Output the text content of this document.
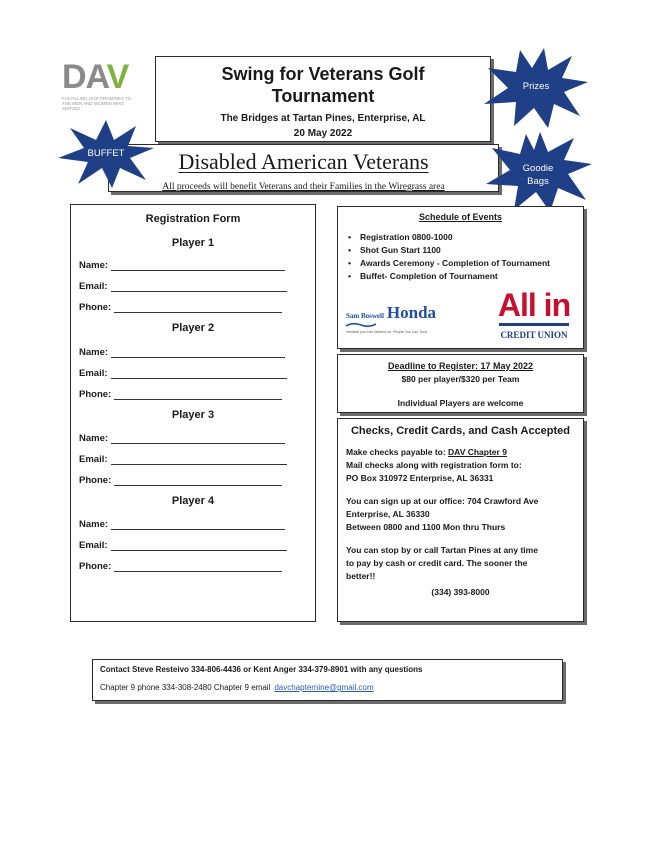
DAV
FULFILLING OUR PROMISES TO THE MEN AND WOMEN WHO SERVED
Swing for Veterans Golf
Tournament
The Bridges at Tartan Pines, Enterprise, AL
20 May 2022
Disabled American Veterans
All proceeds will benefit Veterans and their Families in the Wiregrass area
BUFFET
Prizes
Goodie
Bags
Registration Form
Player 1
Name:
Email:
Phone:
Player 2
Name:
Email:
Phone:
Player 3
Name:
Email:
Phone:
Player 4
Name:
Email:
Phone:
Schedule of Events
•	Registration 0800-1000
•	Shot Gun Start 1100
•	Awards Ceremony - Completion of Tournament
•	Buffet- Completion of Tournament
Sam Boswell Honda
Vehicles you Can Depend on. People You Can Trust
All in
CREDIT UNION
Deadline to Register: 17 May 2022
$80 per player/$320 per Team
Individual Players are welcome
Checks, Credit Cards, and Cash Accepted
Make checks payable to: DAV Chapter 9
Mail checks along with registration form to:
PO Box 310972 Enterprise, AL 36331
You can sign up at our office: 704 Crawford Ave
Enterprise, AL 36330
Between 0800 and 1100 Mon thru Thurs
You can stop by or call Tartan Pines at any time
to pay by cash or credit card. The sooner the
better!!
(334) 393-8000
Contact Steve Resteivo 334-806-4436 or Kent Anger 334-379-8901 with any questions
Chapter 9 phone 334-308-2480 Chapter 9 email davchapternine@gmail.com
